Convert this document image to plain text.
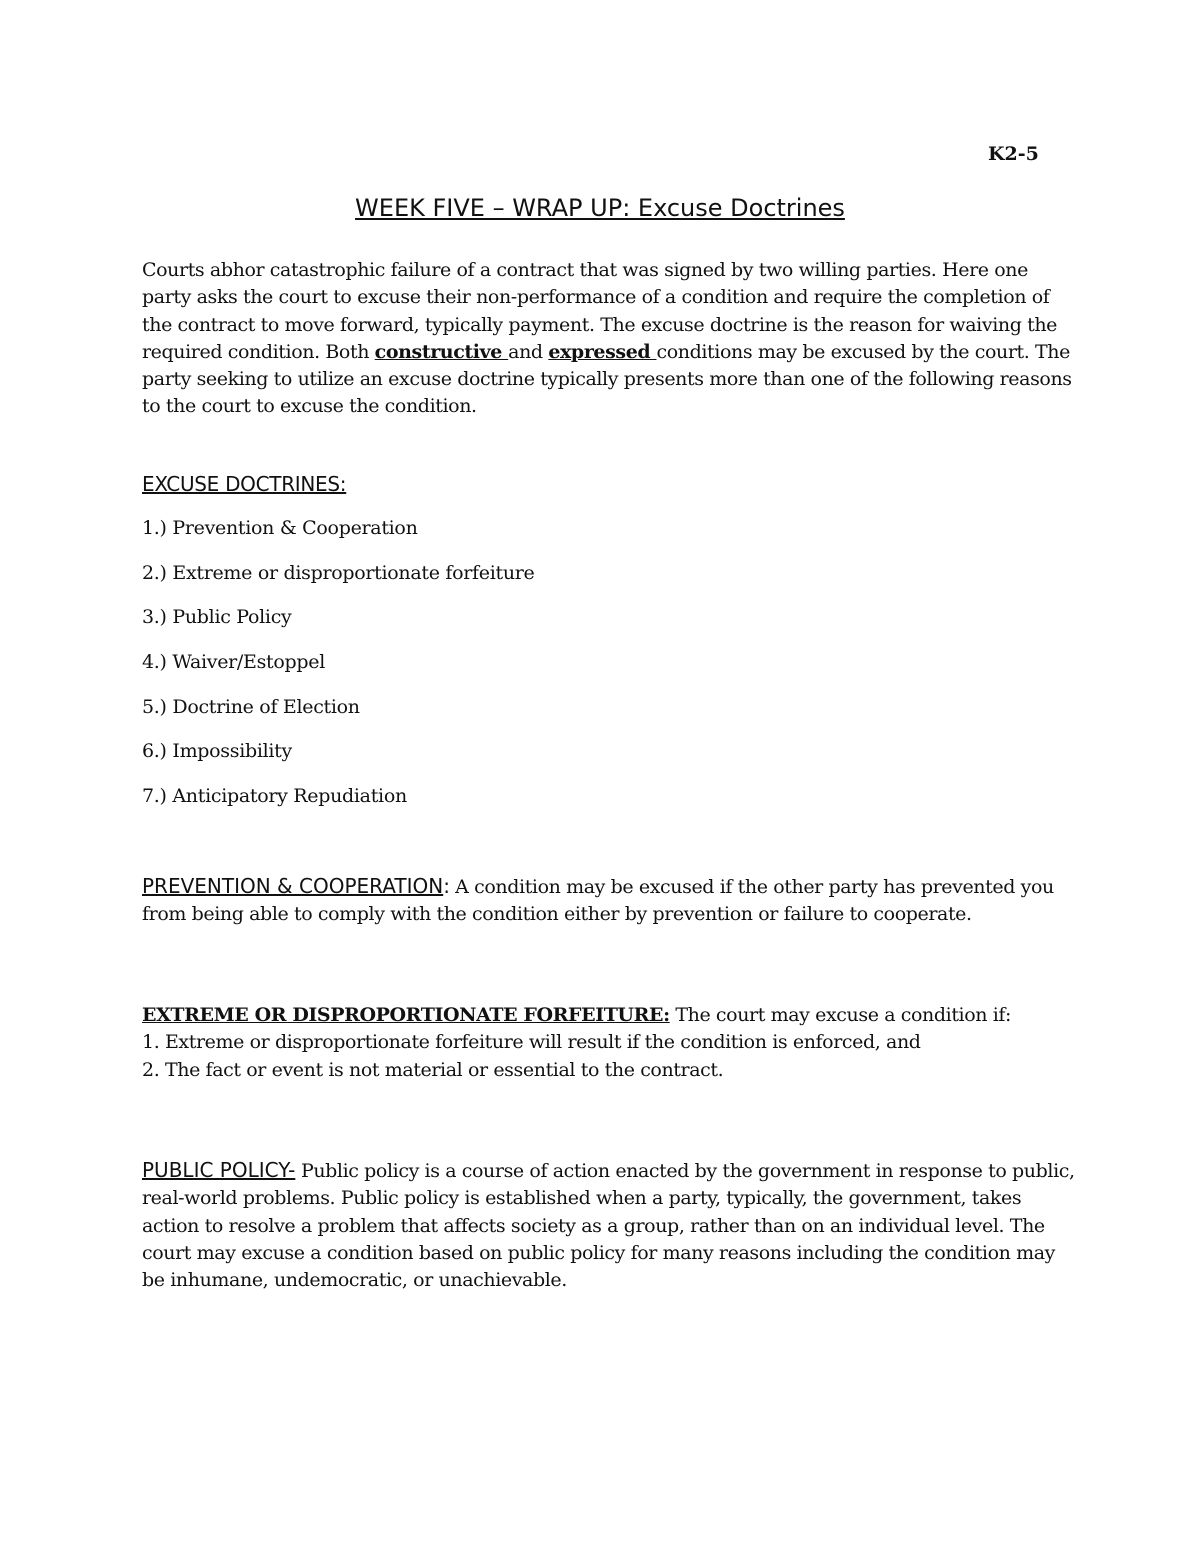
K2-5
WEEK FIVE – WRAP UP: Excuse Doctrines

Courts abhor catastrophic failure of a contract that was signed by two willing parties. Here one party asks the court to excuse their non-performance of a condition and require the completion of the contract to move forward, typically payment. The excuse doctrine is the reason for waiving the required condition. Both constructive and expressed conditions may be excused by the court. The party seeking to utilize an excuse doctrine typically presents more than one of the following reasons to the court to excuse the condition.

EXCUSE DOCTRINES:
1.) Prevention & Cooperation
2.) Extreme or disproportionate forfeiture
3.) Public Policy
4.) Waiver/Estoppel
5.) Doctrine of Election
6.) Impossibility
7.) Anticipatory Repudiation

PREVENTION & COOPERATION: A condition may be excused if the other party has prevented you from being able to comply with the condition either by prevention or failure to cooperate.

EXTREME OR DISPROPORTIONATE FORFEITURE: The court may excuse a condition if:
1. Extreme or disproportionate forfeiture will result if the condition is enforced, and
2. The fact or event is not material or essential to the contract.

PUBLIC POLICY- Public policy is a course of action enacted by the government in response to public, real-world problems. Public policy is established when a party, typically, the government, takes action to resolve a problem that affects society as a group, rather than on an individual level. The court may excuse a condition based on public policy for many reasons including the condition may be inhumane, undemocratic, or unachievable.
